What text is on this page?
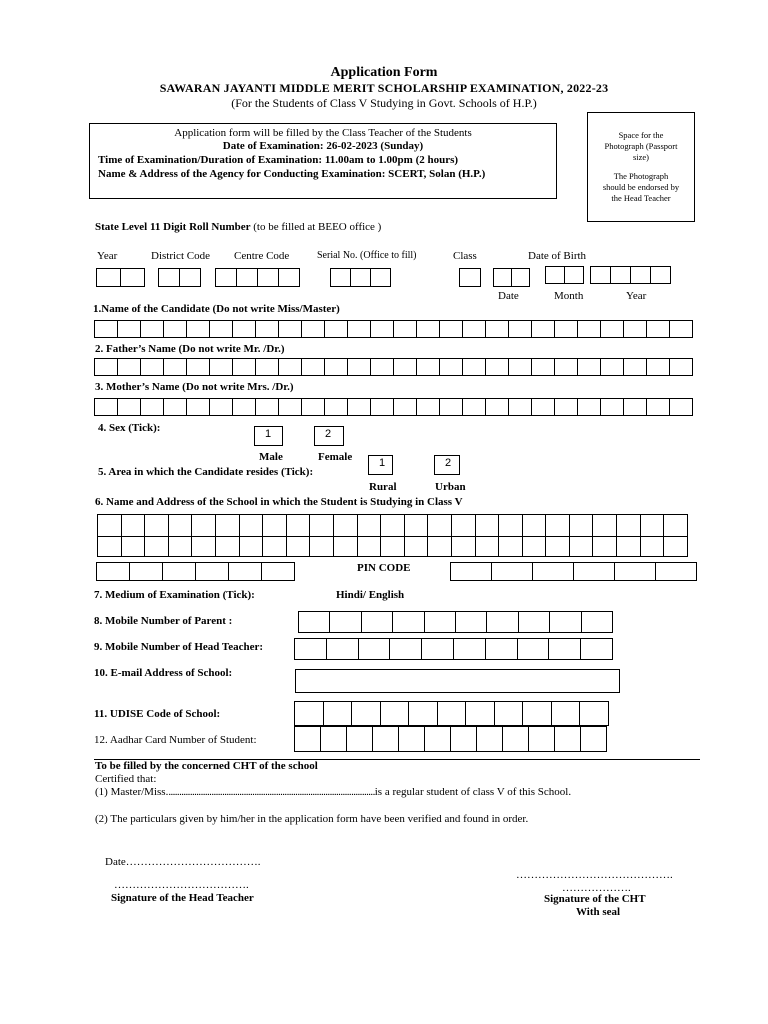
Application Form
SAWARAN JAYANTI MIDDLE MERIT SCHOLARSHIP EXAMINATION, 2022-23
(For the Students of Class V Studying in Govt. Schools of H.P.)
Application form will be filled by the Class Teacher of the Students
Date of Examination: 26-02-2023 (Sunday)
Time of Examination/Duration of Examination: 11.00am to 1.00pm (2 hours)
Name & Address of the Agency for Conducting Examination: SCERT, Solan (H.P.)
Space for the
Photograph (Passport
size)
The Photograph
should be endorsed by
the Head Teacher
State Level 11 Digit Roll Number (to be filled at BEEO office )
Year	District Code Centre Code	Serial No. (Office to fill)	Class	Date of Birth
Date	Month	Year
1.Name of the Candidate (Do not write Miss/Master)
2. Father’s Name (Do not write Mr. /Dr.)
3. Mother’s Name (Do not write Mrs. /Dr.)
4. Sex (Tick):	1	2
Male	Female
5. Area in which the Candidate resides (Tick):
1	2
Rural	Urban
6. Name and Address of the School in which the Student is Studying in Class V
PIN CODE
7. Medium of Examination (Tick):	Hindi/ English
8. Mobile Number of Parent :
9. Mobile Number of Head Teacher:
10. E-mail Address of School:
11. UDISE Code of School:
12. Aadhar Card Number of Student:
To be filled by the concerned CHT of the school
Certified that:
(1) Master/Miss.................................................................................................is a regular student of class V of this School.
(2) The particulars given by him/her in the application form have been verified and found in order.
Date……………………………….
……………………………….
Signature of the Head Teacher
…………………………………….
……………….
Signature of the CHT
With seal
